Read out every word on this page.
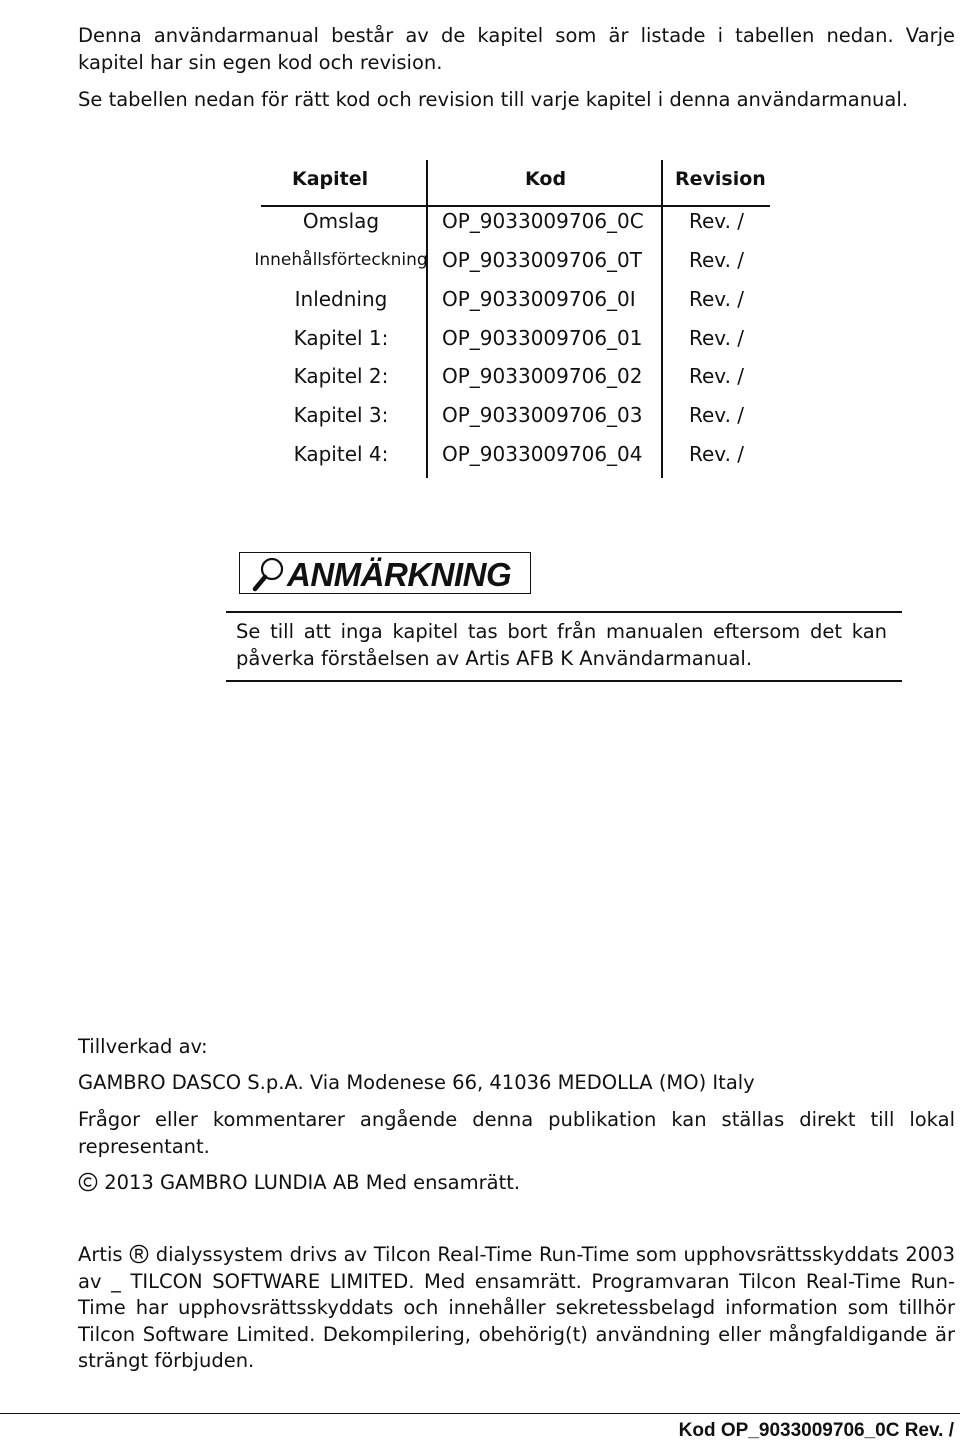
Denna användarmanual består av de kapitel som är listade i tabellen nedan. Varje kapitel har sin egen kod och revision.
Se tabellen nedan för rätt kod och revision till varje kapitel i denna användarmanual.
Kapitel	Kod	Revision
Omslag	OP_9033009706_0C Rev. /
Innehållsförteckning OP_9033009706_0T Rev. /
Inledning	OP_9033009706_0I	Rev. /
Kapitel 1:	OP_9033009706_01 Rev. /
Kapitel 2:	OP_9033009706_02 Rev. /
Kapitel 3:	OP_9033009706_03 Rev. /
Kapitel 4:	OP_9033009706_04 Rev. /
ANMÄRKNING
Se till att inga kapitel tas bort från manualen eftersom det kan påverka förståelsen av Artis AFB K Användarmanual.
Tillverkad av:
GAMBRO DASCO S.p.A. Via Modenese 66, 41036 MEDOLLA (MO) Italy
Frågor eller kommentarer angående denna publikation kan ställas direkt till lokal representant.
2013 GAMBRO LUNDIA AB Med ensamrätt.
Artis dialyssystem drivs av Tilcon Real-Time Run-Time som upphovsrättsskyddats 2003 av _ TILCON SOFTWARE LIMITED. Med ensamrätt. Programvaran Tilcon Real-Time Run-Time har upphovsrättsskyddats och innehåller sekretessbelagd information som tillhör Tilcon Software Limited. Dekompilering, obehörig(t) användning eller mångfaldigande är strängt förbjuden.
Kod OP_9033009706_0C Rev. /
